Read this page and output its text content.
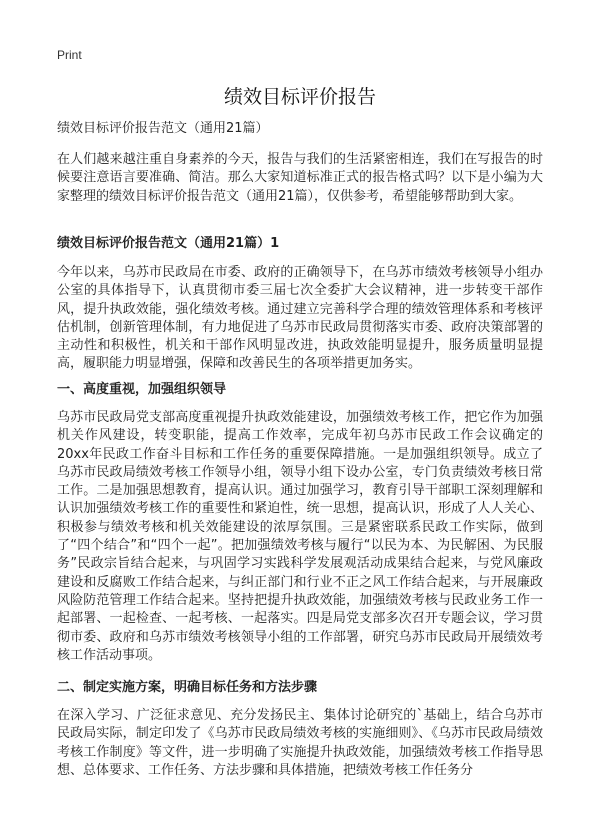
Print
绩效目标评价报告
绩效目标评价报告范文（通用21篇）

在人们越来越注重自身素养的今天，报告与我们的生活紧密相连，我们在写报告的时候要注意语言要准确、简洁。那么大家知道标准正式的报告格式吗？以下是小编为大家整理的绩效目标评价报告范文（通用21篇），仅供参考，希望能够帮助到大家。

绩效目标评价报告范文（通用21篇）1

今年以来，乌苏市民政局在市委、政府的正确领导下，在乌苏市绩效考核领导小组办公室的具体指导下，认真贯彻市委三届七次全委扩大会议精神，进一步转变干部作风，提升执政效能，强化绩效考核。通过建立完善科学合理的绩效管理体系和考核评估机制，创新管理体制，有力地促进了乌苏市民政局贯彻落实市委、政府决策部署的主动性和积极性，机关和干部作风明显改进，执政效能明显提升，服务质量明显提高，履职能力明显增强，保障和改善民生的各项举措更加务实。

一、高度重视，加强组织领导

乌苏市民政局党支部高度重视提升执政效能建设，加强绩效考核工作，把它作为加强机关作风建设，转变职能，提高工作效率，完成年初乌苏市民政工作会议确定的20xx年民政工作奋斗目标和工作任务的重要保障措施。一是加强组织领导。成立了乌苏市民政局绩效考核工作领导小组，领导小组下设办公室，专门负责绩效考核日常工作。二是加强思想教育，提高认识。通过加强学习，教育引导干部职工深刻理解和认识加强绩效考核工作的重要性和紧迫性，统一思想，提高认识，形成了人人关心、积极参与绩效考核和机关效能建设的浓厚氛围。三是紧密联系民政工作实际，做到了“四个结合”和“四个一起”。把加强绩效考核与履行“以民为本、为民解困、为民服务”民政宗旨结合起来，与巩固学习实践科学发展观活动成果结合起来，与党风廉政建设和反腐败工作结合起来，与纠正部门和行业不正之风工作结合起来，与开展廉政风险防范管理工作结合起来。坚持把提升执政效能，加强绩效考核与民政业务工作一起部署、一起检查、一起考核、一起落实。四是局党支部多次召开专题会议，学习贯彻市委、政府和乌苏市绩效考核领导小组的工作部署，研究乌苏市民政局开展绩效考核工作活动事项。

二、制定实施方案，明确目标任务和方法步骤

在深入学习、广泛征求意见、充分发扬民主、集体讨论研究的`基础上，结合乌苏市民政局实际，制定印发了《乌苏市民政局绩效考核的实施细则》、《乌苏市民政局绩效考核工作制度》等文件，进一步明确了实施提升执政效能，加强绩效考核工作指导思想、总体要求、工作任务、方法步骤和具体措施，把绩效考核工作任务分
